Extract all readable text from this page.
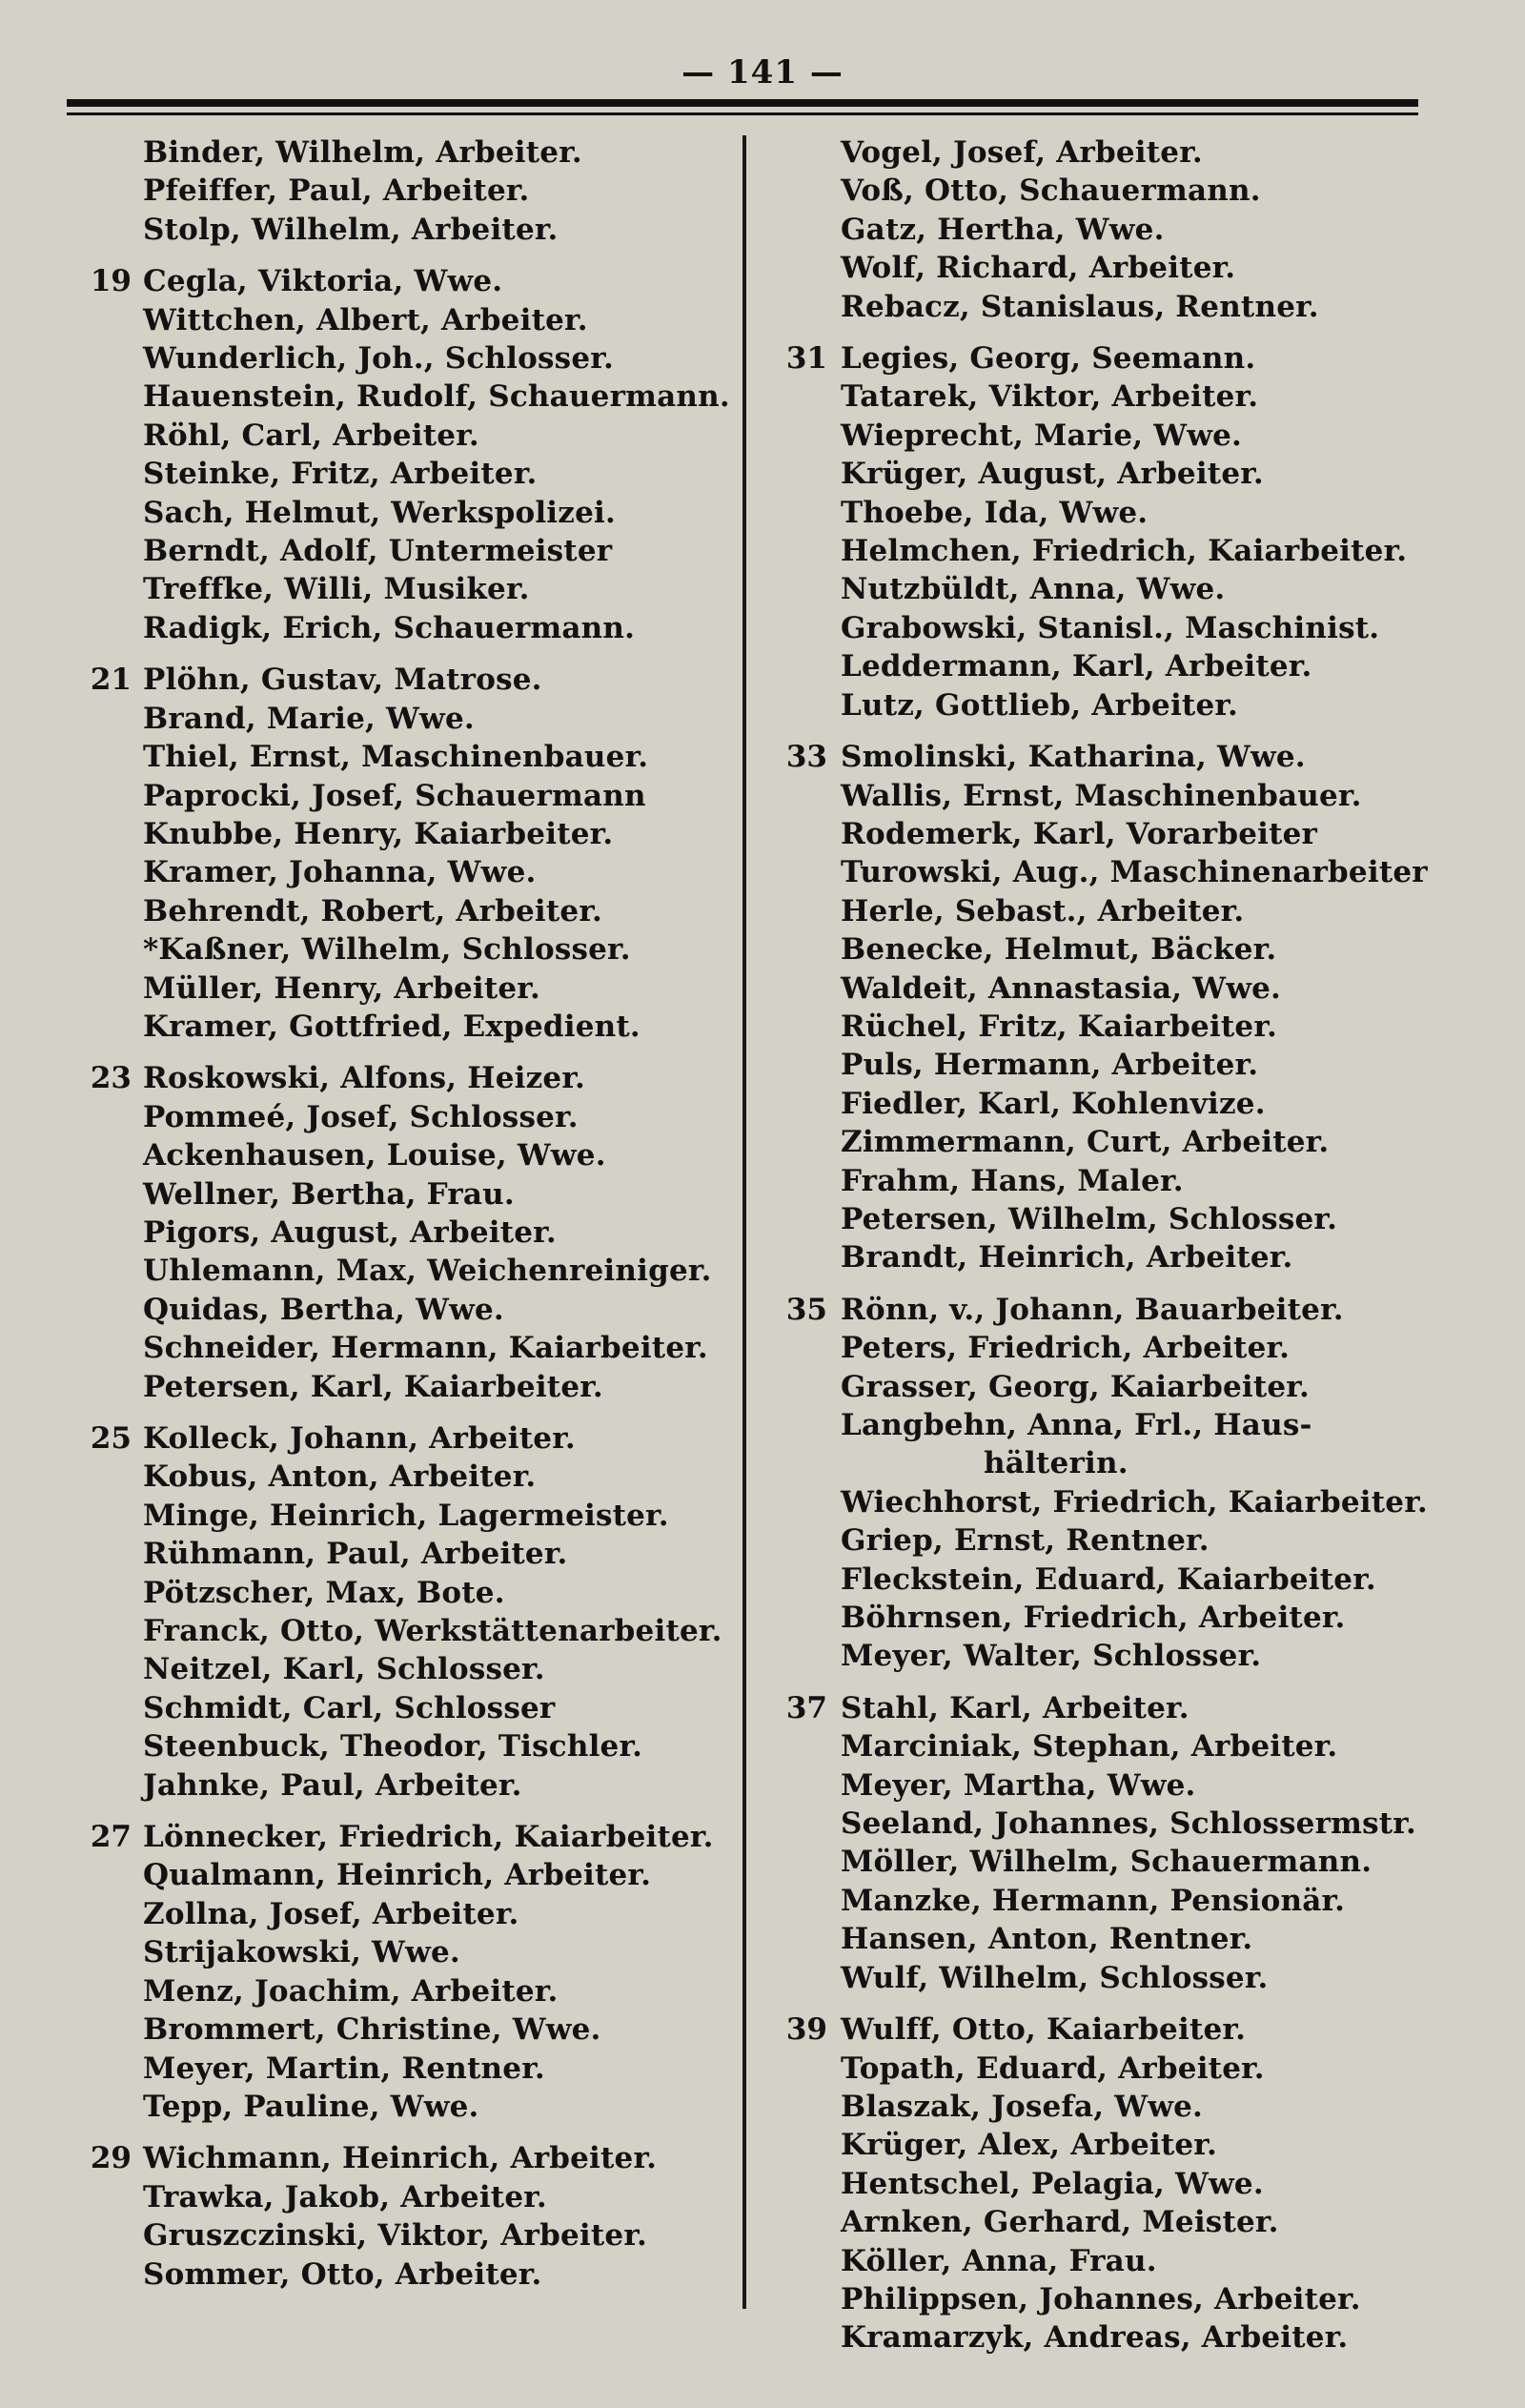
— 141 —
Binder, Wilhelm, Arbeiter.
Pfeiffer, Paul, Arbeiter.
Stolp, Wilhelm, Arbeiter.
19 Cegla, Viktoria, Wwe.
Wittchen, Albert, Arbeiter.
Wunderlich, Joh., Schlosser.
Hauenstein, Rudolf, Schauermann.
Röhl, Carl, Arbeiter.
Steinke, Fritz, Arbeiter.
Sach, Helmut, Werkspolizei.
Berndt, Adolf, Untermeister
Treffke, Willi, Musiker.
Radigk, Erich, Schauermann.
21 Plöhn, Gustav, Matrose.
Brand, Marie, Wwe.
Thiel, Ernst, Maschinenbauer.
Paprocki, Josef, Schauermann
Knubbe, Henry, Kaiarbeiter.
Kramer, Johanna, Wwe.
Behrendt, Robert, Arbeiter.
*Kaßner, Wilhelm, Schlosser.
Müller, Henry, Arbeiter.
Kramer, Gottfried, Expedient.
23 Roskowski, Alfons, Heizer.
Pommeé, Josef, Schlosser.
Ackenhausen, Louise, Wwe.
Wellner, Bertha, Frau.
Pigors, August, Arbeiter.
Uhlemann, Max, Weichenreiniger.
Quidas, Bertha, Wwe.
Schneider, Hermann, Kaiarbeiter.
Petersen, Karl, Kaiarbeiter.
25 Kolleck, Johann, Arbeiter.
Kobus, Anton, Arbeiter.
Minge, Heinrich, Lagermeister.
Rühmann, Paul, Arbeiter.
Pötzscher, Max, Bote.
Franck, Otto, Werkstättenarbeiter.
Neitzel, Karl, Schlosser.
Schmidt, Carl, Schlosser
Steenbuck, Theodor, Tischler.
Jahnke, Paul, Arbeiter.
27 Lönnecker, Friedrich, Kaiarbeiter.
Qualmann, Heinrich, Arbeiter.
Zollna, Josef, Arbeiter.
Strijakowski, Wwe.
Menz, Joachim, Arbeiter.
Brommert, Christine, Wwe.
Meyer, Martin, Rentner.
Tepp, Pauline, Wwe.
29 Wichmann, Heinrich, Arbeiter.
Trawka, Jakob, Arbeiter.
Gruszczinski, Viktor, Arbeiter.
Sommer, Otto, Arbeiter.
Vogel, Josef, Arbeiter.
Voß, Otto, Schauermann.
Gatz, Hertha, Wwe.
Wolf, Richard, Arbeiter.
Rebacz, Stanislaus, Rentner.
31 Legies, Georg, Seemann.
Tatarek, Viktor, Arbeiter.
Wieprecht, Marie, Wwe.
Krüger, August, Arbeiter.
Thoebe, Ida, Wwe.
Helmchen, Friedrich, Kaiarbeiter.
Nutzbüldt, Anna, Wwe.
Grabowski, Stanisl., Maschinist.
Leddermann, Karl, Arbeiter.
Lutz, Gottlieb, Arbeiter.
33 Smolinski, Katharina, Wwe.
Wallis, Ernst, Maschinenbauer.
Rodemerk, Karl, Vorarbeiter
Turowski, Aug., Maschinenarbeiter
Herle, Sebast., Arbeiter.
Benecke, Helmut, Bäcker.
Waldeit, Annastasia, Wwe.
Rüchel, Fritz, Kaiarbeiter.
Puls, Hermann, Arbeiter.
Fiedler, Karl, Kohlenvize.
Zimmermann, Curt, Arbeiter.
Frahm, Hans, Maler.
Petersen, Wilhelm, Schlosser.
Brandt, Heinrich, Arbeiter.
35 Rönn, v., Johann, Bauarbeiter.
Peters, Friedrich, Arbeiter.
Grasser, Georg, Kaiarbeiter.
Langbehn, Anna, Frl., Haus-
hälterin.
Wiechhorst, Friedrich, Kaiarbeiter.
Griep, Ernst, Rentner.
Fleckstein, Eduard, Kaiarbeiter.
Böhrnsen, Friedrich, Arbeiter.
Meyer, Walter, Schlosser.
37 Stahl, Karl, Arbeiter.
Marciniak, Stephan, Arbeiter.
Meyer, Martha, Wwe.
Seeland, Johannes, Schlossermstr.
Möller, Wilhelm, Schauermann.
Manzke, Hermann, Pensionär.
Hansen, Anton, Rentner.
Wulf, Wilhelm, Schlosser.
39 Wulff, Otto, Kaiarbeiter.
Topath, Eduard, Arbeiter.
Blaszak, Josefa, Wwe.
Krüger, Alex, Arbeiter.
Hentschel, Pelagia, Wwe.
Arnken, Gerhard, Meister.
Köller, Anna, Frau.
Philippsen, Johannes, Arbeiter.
Kramarzyk, Andreas, Arbeiter.
